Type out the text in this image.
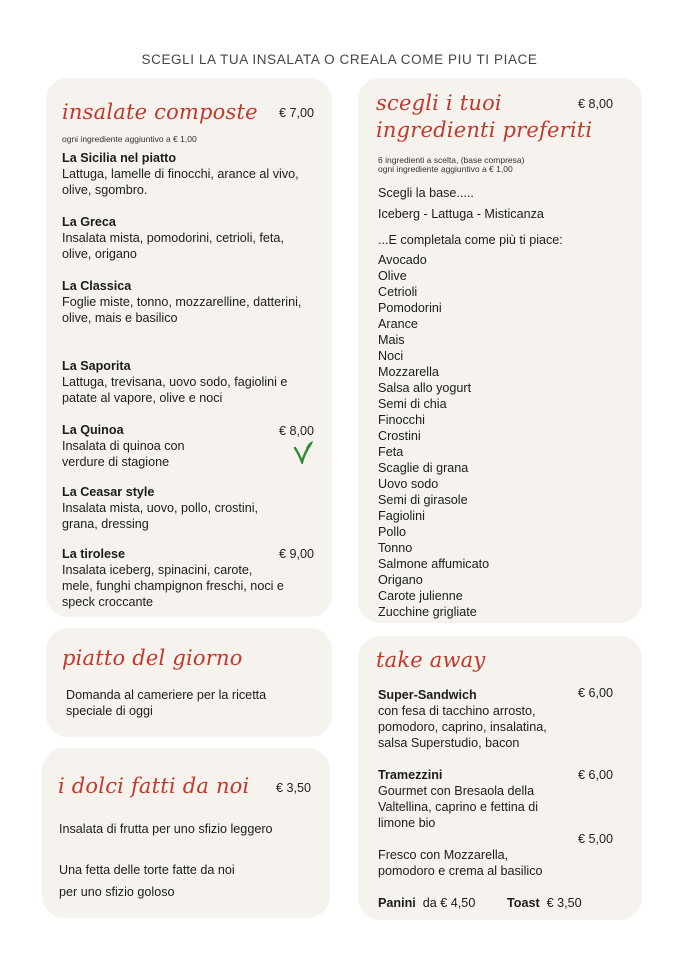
SCEGLI LA TUA INSALATA O CREALA COME PIU TI PIACE
insalate composte € 7,00
ogni ingrediente aggiuntivo a € 1,00
La Sicilia nel piatto
Lattuga, lamelle di finocchi, arance al vivo, olive, sgombro.
La Greca
Insalata mista, pomodorini, cetrioli, feta, olive, origano
La Classica
Foglie miste, tonno, mozzarelline, datterini, olive, mais e basilico
La Saporita
Lattuga, trevisana, uovo sodo, fagiolini e patate al vapore, olive e noci
La Quinoa
Insalata di quinoa con verdure di stagione
€ 8,00
La Ceasar style
Insalata mista, uovo, pollo, crostini, grana, dressing
La tirolese
Insalata iceberg, spinacini, carote, mele, funghi champignon freschi, noci e speck croccante
€ 9,00
scegli i tuoi
ingredienti preferiti
€ 8,00
6 ingredienti a scelta, (base compresa)
ogni ingrediente aggiuntivo a € 1,00
Scegli la base.....
Iceberg - Lattuga - Misticanza
...E completala come più ti piace:
Avocado
Olive
Cetrioli
Pomodorini
Arance
Mais
Noci
Mozzarella
Salsa allo yogurt
Semi di chia
Finocchi
Crostini
Feta
Scaglie di grana
Uovo sodo
Semi di girasole
Fagiolini
Pollo
Tonno
Salmone affumicato
Origano
Carote julienne
Zucchine grigliate
piatto del giorno
Domanda al cameriere per la ricetta speciale di oggi
i dolci fatti da noi € 3,50
Insalata di frutta per uno sfizio leggero
Una fetta delle torte fatte da noi
per uno sfizio goloso
take away
Super-Sandwich	€ 6,00
con fesa di tacchino arrosto, pomodoro, caprino, insalatina, salsa Superstudio, bacon
Tramezzini	€ 6,00
Gourmet con Bresaola della Valtellina, caprino e fettina di limone bio
€ 5,00
Fresco con Mozzarella, pomodoro e crema al basilico
Panini da € 4,50	Toast € 3,50
